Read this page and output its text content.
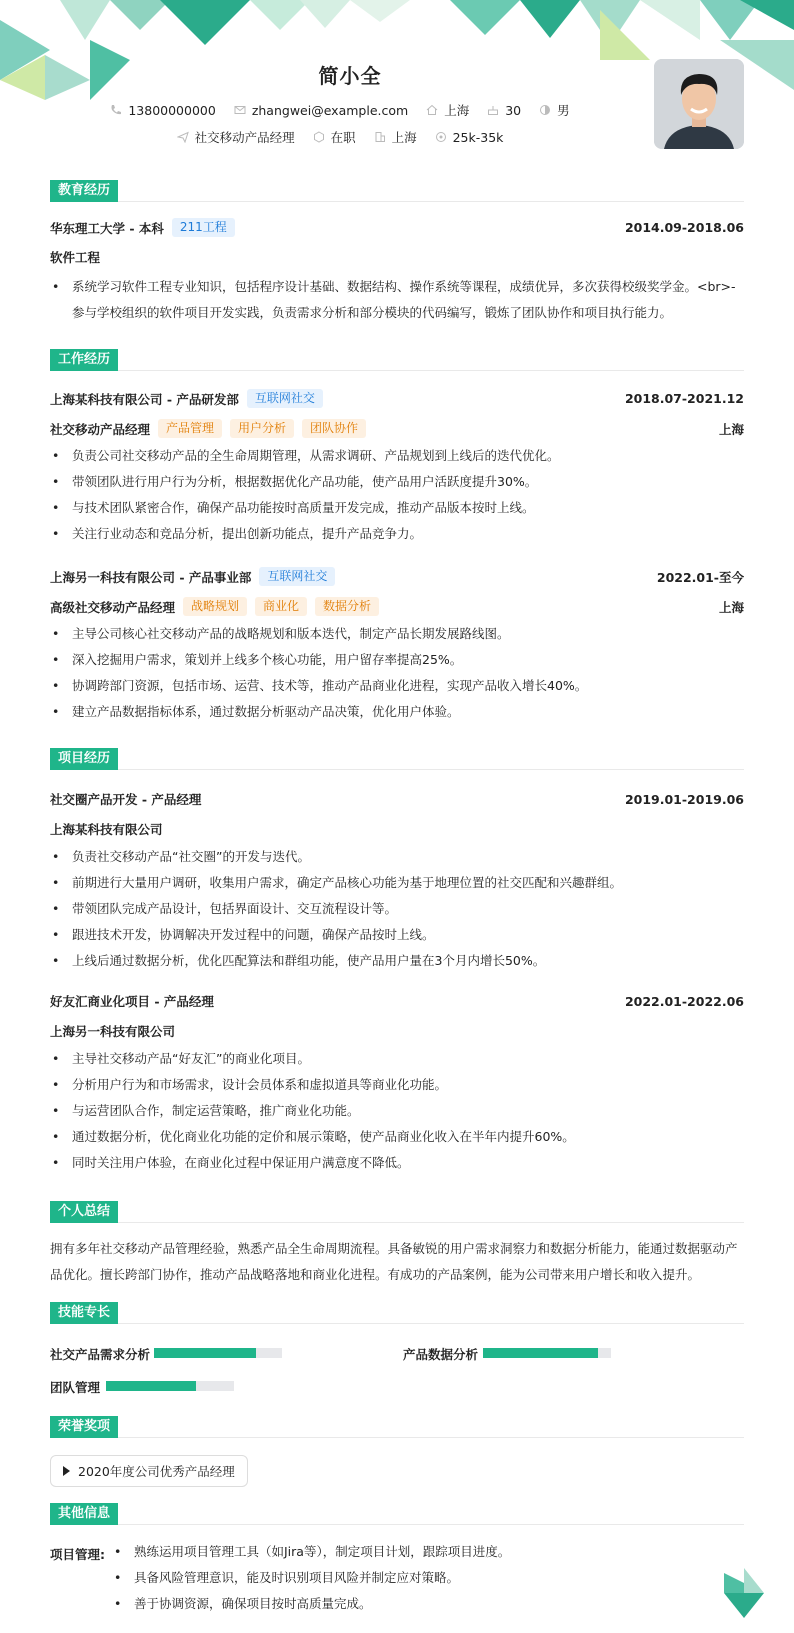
简小全
13800000000	zhangwei@example.com	上海	30	男
社交移动产品经理	在职	上海	25k-35k
教育经历
华东理工大学 - 本科	211工程	2014.09-2018.06
软件工程
• 系统学习软件工程专业知识，包括程序设计基础、数据结构、操作系统等课程，成绩优异，多次获得校级奖学金。<br>- 参与学校组织的软件项目开发实践，负责需求分析和部分模块的代码编写，锻炼了团队协作和项目执行能力。
工作经历
上海某科技有限公司 - 产品研发部	互联网社交	2018.07-2021.12
社交移动产品经理	产品管理	用户分析	团队协作	上海
• 负责公司社交移动产品的全生命周期管理，从需求调研、产品规划到上线后的迭代优化。
• 带领团队进行用户行为分析，根据数据优化产品功能，使产品用户活跃度提升30%。
• 与技术团队紧密合作，确保产品功能按时高质量开发完成，推动产品版本按时上线。
• 关注行业动态和竞品分析，提出创新功能点，提升产品竞争力。
上海另一科技有限公司 - 产品事业部	互联网社交	2022.01-至今
高级社交移动产品经理	战略规划	商业化	数据分析	上海
• 主导公司核心社交移动产品的战略规划和版本迭代，制定产品长期发展路线图。
• 深入挖掘用户需求，策划并上线多个核心功能，用户留存率提高25%。
• 协调跨部门资源，包括市场、运营、技术等，推动产品商业化进程，实现产品收入增长40%。
• 建立产品数据指标体系，通过数据分析驱动产品决策，优化用户体验。
项目经历
社交圈产品开发 - 产品经理	2019.01-2019.06
上海某科技有限公司
• 负责社交移动产品“社交圈”的开发与迭代。
• 前期进行大量用户调研，收集用户需求，确定产品核心功能为基于地理位置的社交匹配和兴趣群组。
• 带领团队完成产品设计，包括界面设计、交互流程设计等。
• 跟进技术开发，协调解决开发过程中的问题，确保产品按时上线。
• 上线后通过数据分析，优化匹配算法和群组功能，使产品用户量在3个月内增长50%。
好友汇商业化项目 - 产品经理	2022.01-2022.06
上海另一科技有限公司
• 主导社交移动产品“好友汇”的商业化项目。
• 分析用户行为和市场需求，设计会员体系和虚拟道具等商业化功能。
• 与运营团队合作，制定运营策略，推广商业化功能。
• 通过数据分析，优化商业化功能的定价和展示策略，使产品商业化收入在半年内提升60%。
• 同时关注用户体验，在商业化过程中保证用户满意度不降低。
个人总结
拥有多年社交移动产品管理经验，熟悉产品全生命周期流程。具备敏锐的用户需求洞察力和数据分析能力，能通过数据驱动产品优化。擅长跨部门协作，推动产品战略落地和商业化进程。有成功的产品案例，能为公司带来用户增长和收入提升。
技能专长
社交产品需求分析	产品数据分析
团队管理
荣誉奖项
2020年度公司优秀产品经理
其他信息
项目管理:
•	熟练运用项目管理工具（如Jira等），制定项目计划，跟踪项目进度。
• 具备风险管理意识，能及时识别项目风险并制定应对策略。
• 善于协调资源，确保项目按时高质量完成。
